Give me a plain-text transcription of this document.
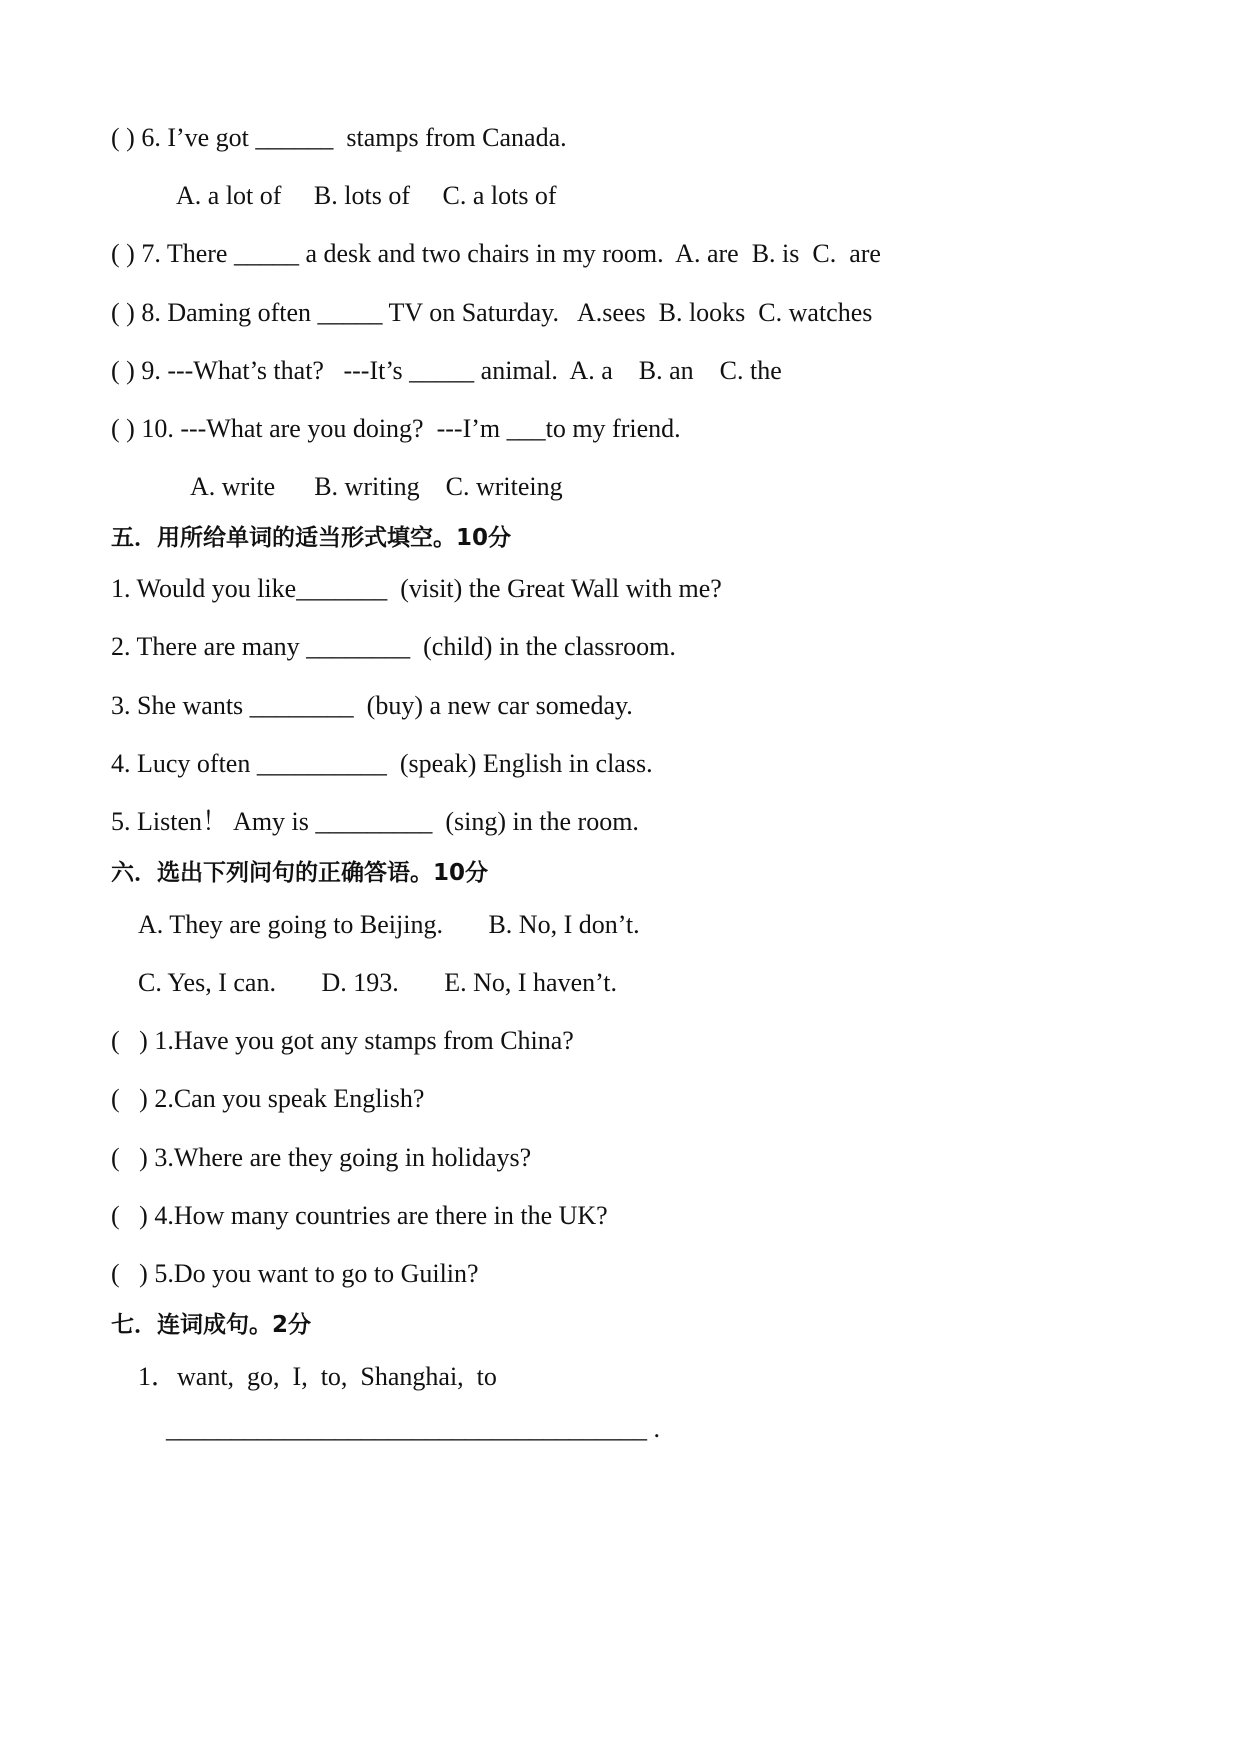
( ) 6. I’ve got ______  stamps from Canada.
A. a lot of     B. lots of     C. a lots of
( ) 7. There _____ a desk and two chairs in my room.  A. are  B. is  C.  are
( ) 8. Daming often _____ TV on Saturday.   A.sees  B. looks  C. watches
( ) 9. ---What’s that?   ---It’s _____ animal.  A. a    B. an    C. the
( ) 10. ---What are you doing?  ---I’m ___to my friend.
A. write      B. writing    C. writeing
五．用所给单词的适当形式填空。10分
1. Would you like_______  (visit) the Great Wall with me?
2. There are many ________  (child) in the classroom.
3. She wants ________  (buy) a new car someday.
4. Lucy often __________  (speak) English in class.
5. Listen！ Amy is _________  (sing) in the room.
六．选出下列问句的正确答语。10分
A. They are going to Beijing.       B. No, I don’t.
C. Yes, I can.       D. 193.       E. No, I haven’t.
(   ) 1.Have you got any stamps from China?
(   ) 2.Can you speak English?
(   ) 3.Where are they going in holidays?
(   ) 4.How many countries are there in the UK?
(   ) 5.Do you want to go to Guilin?
七．连词成句。2分
1．want,  go,  I,  to,  Shanghai,  to
_____________________________________ .
